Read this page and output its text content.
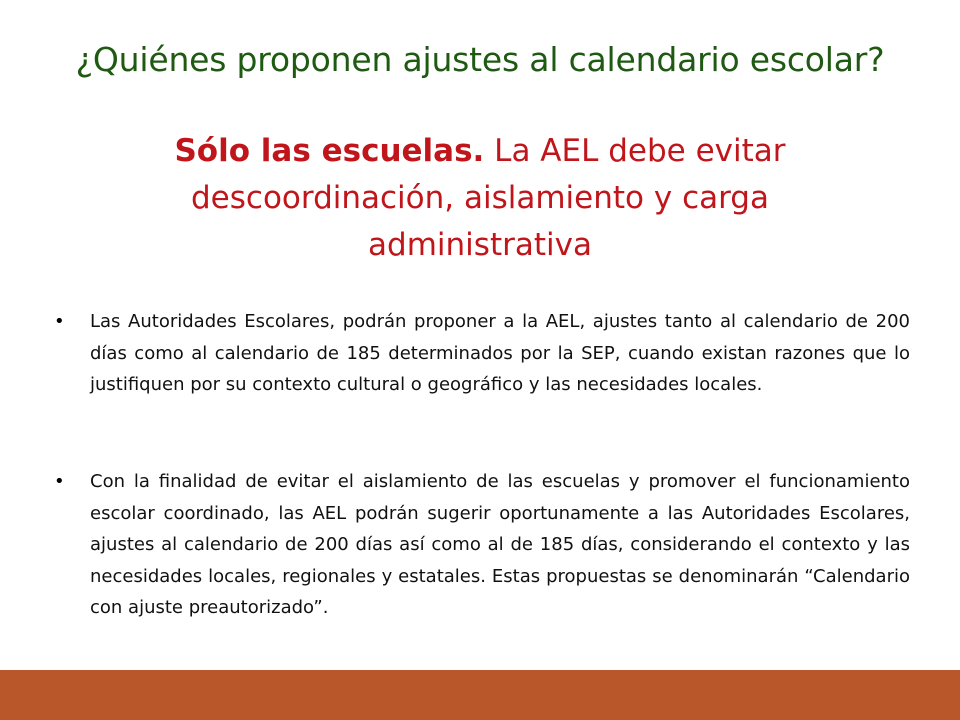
¿Quiénes proponen ajustes al calendario escolar?
Sólo las escuelas. La AEL debe evitar descoordinación, aislamiento y carga administrativa
•	Las Autoridades Escolares, podrán proponer a la AEL, ajustes tanto al calendario de 200 días como al calendario de 185 determinados por la SEP, cuando existan razones que lo justifiquen por su contexto cultural o geográfico y las necesidades locales.
•	Con la finalidad de evitar el aislamiento de las escuelas y promover el funcionamiento escolar coordinado, las AEL podrán sugerir oportunamente a las Autoridades Escolares, ajustes al calendario de 200 días así como al de 185 días, considerando el contexto y las necesidades locales, regionales y estatales. Estas propuestas se denominarán “Calendario con ajuste preautorizado”.
